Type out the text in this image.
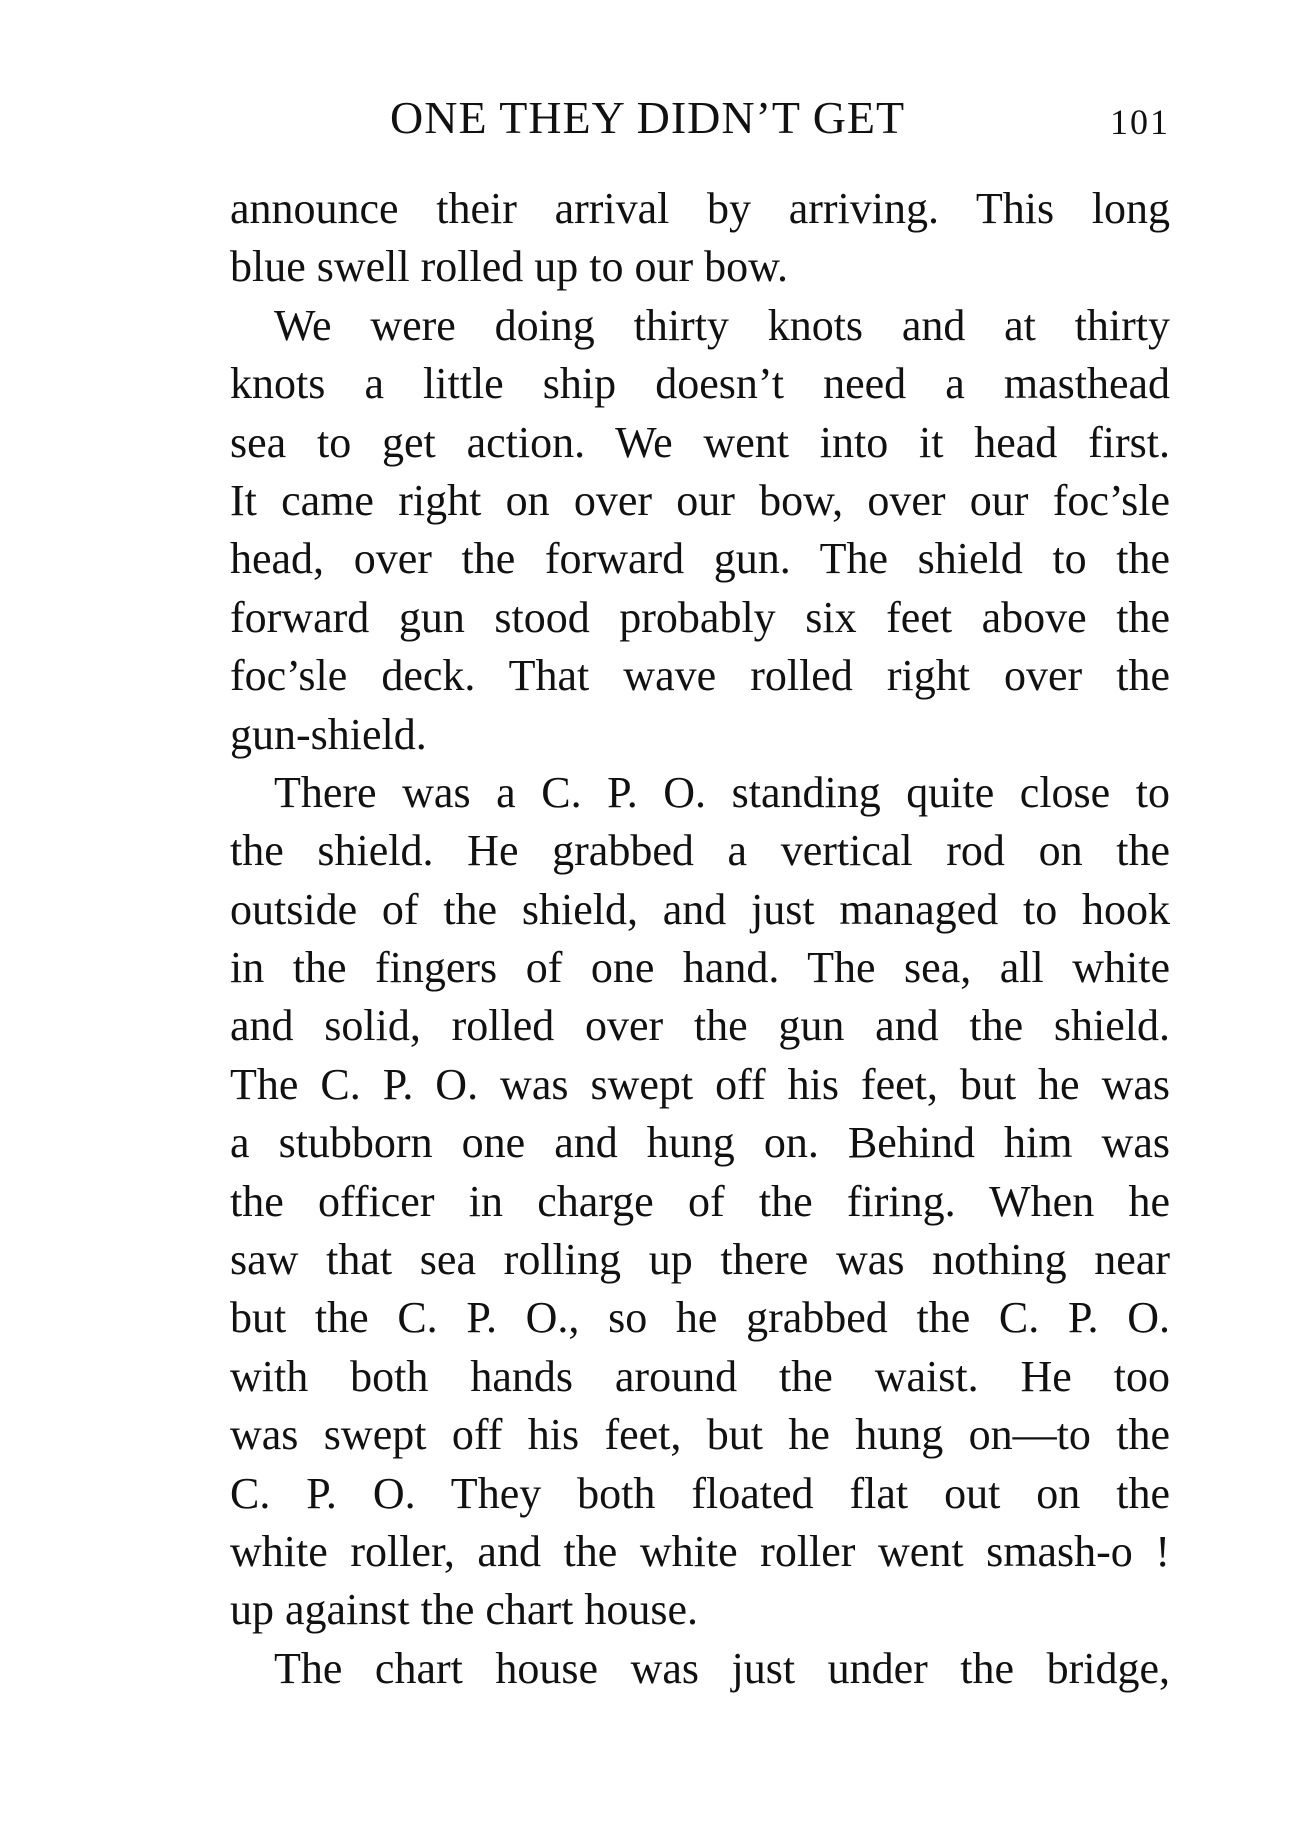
ONE THEY DIDN’T GET	101
announce their arrival by arriving. This long
blue swell rolled up to our bow.
We were doing thirty knots and at thirty
knots a little ship doesn’t need a masthead
sea to get action. We went into it head first.
It came right on over our bow, over our foc’sle
head, over the forward gun. The shield to the
forward gun stood probably six feet above the
foc’sle deck. That wave rolled right over the
gun-shield.
There was a C. P. O. standing quite close to
the shield. He grabbed a vertical rod on the
outside of the shield, and just managed to hook
in the fingers of one hand. The sea, all white
and solid, rolled over the gun and the shield.
The C. P. O. was swept off his feet, but he was
a stubborn one and hung on. Behind him was
the officer in charge of the firing. When he
saw that sea rolling up there was nothing near
but the C. P. O., so he grabbed the C. P. O.
with both hands around the waist. He too
was swept off his feet, but he hung on—to the
C. P. O. They both floated flat out on the
white roller, and the white roller went smash-o !
up against the chart house.
The chart house was just under the bridge,
